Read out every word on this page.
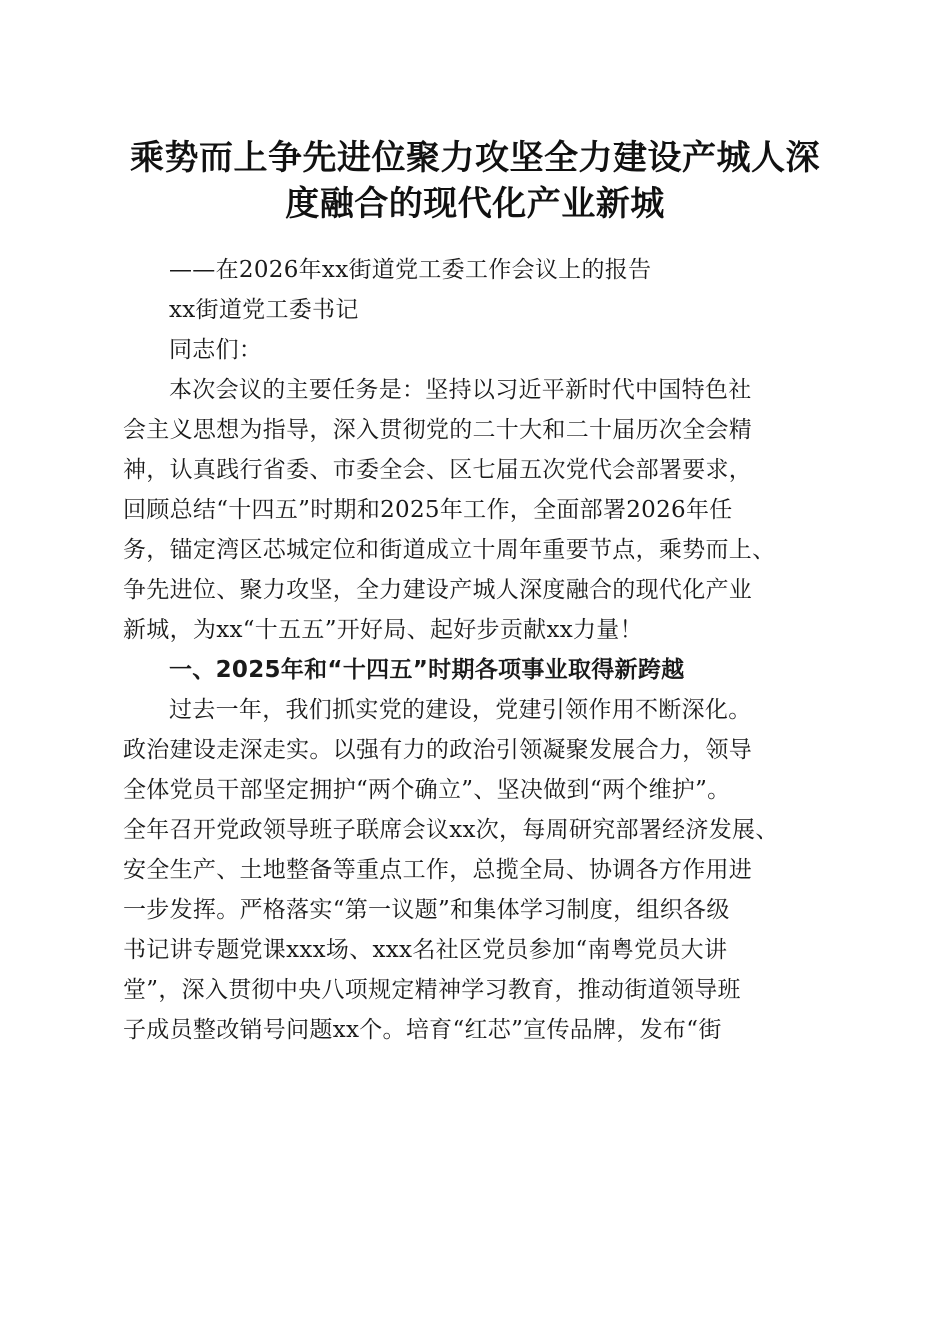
乘势而上争先进位聚力攻坚全力建设产城人深
度融合的现代化产业新城
——在2026年xx街道党工委工作会议上的报告
xx街道党工委书记
同志们：
本次会议的主要任务是：坚持以习近平新时代中国特色社
会主义思想为指导，深入贯彻党的二十大和二十届历次全会精
神，认真践行省委、市委全会、区七届五次党代会部署要求，
回顾总结“十四五”时期和2025年工作，全面部署2026年任
务，锚定湾区芯城定位和街道成立十周年重要节点，乘势而上、
争先进位、聚力攻坚，全力建设产城人深度融合的现代化产业
新城，为xx“十五五”开好局、起好步贡献xx力量！
一、2025年和“十四五”时期各项事业取得新跨越
过去一年，我们抓实党的建设，党建引领作用不断深化。
政治建设走深走实。以强有力的政治引领凝聚发展合力，领导
全体党员干部坚定拥护“两个确立”、坚决做到“两个维护”。
全年召开党政领导班子联席会议xx次，每周研究部署经济发展、
安全生产、土地整备等重点工作，总揽全局、协调各方作用进
一步发挥。严格落实“第一议题”和集体学习制度，组织各级
书记讲专题党课xxx场、xxx名社区党员参加“南粤党员大讲
堂”，深入贯彻中央八项规定精神学习教育，推动街道领导班
子成员整改销号问题xx个。培育“红芯”宣传品牌，发布“街
